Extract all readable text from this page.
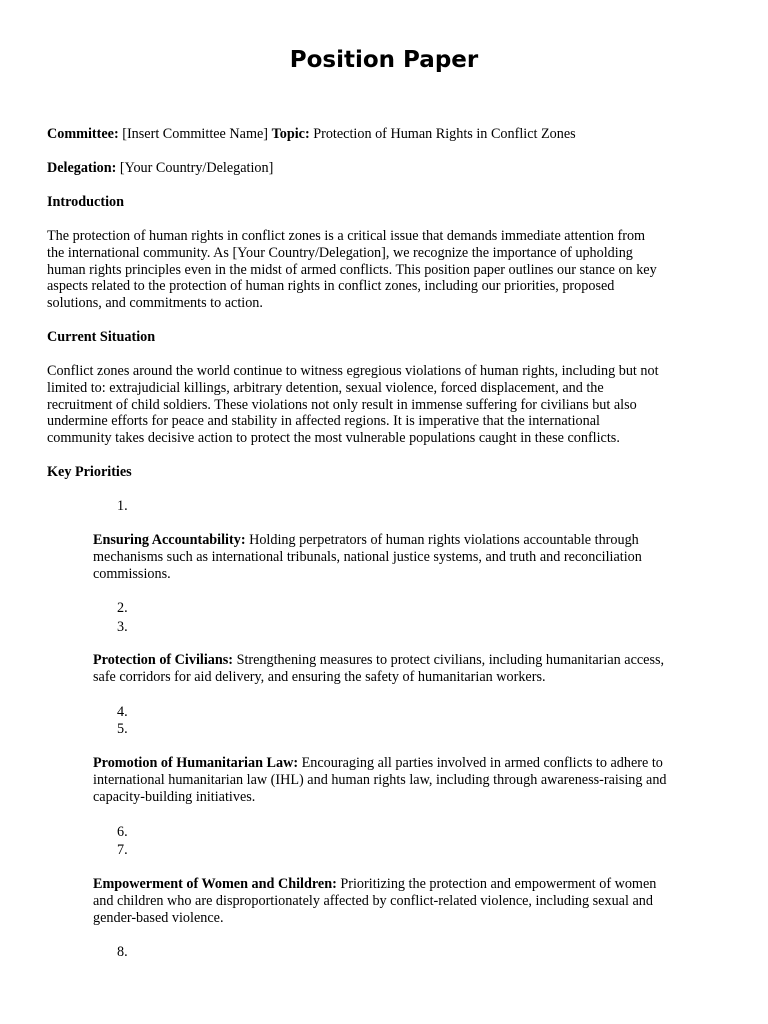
Position Paper

Committee: [Insert Committee Name] Topic: Protection of Human Rights in Conflict Zones

Delegation: [Your Country/Delegation]

Introduction

The protection of human rights in conflict zones is a critical issue that demands immediate attention from
the international community. As [Your Country/Delegation], we recognize the importance of upholding
human rights principles even in the midst of armed conflicts. This position paper outlines our stance on key
aspects related to the protection of human rights in conflict zones, including our priorities, proposed
solutions, and commitments to action.

Current Situation

Conflict zones around the world continue to witness egregious violations of human rights, including but not
limited to: extrajudicial killings, arbitrary detention, sexual violence, forced displacement, and the
recruitment of child soldiers. These violations not only result in immense suffering for civilians but also
undermine efforts for peace and stability in affected regions. It is imperative that the international
community takes decisive action to protect the most vulnerable populations caught in these conflicts.

Key Priorities

1.
Ensuring Accountability: Holding perpetrators of human rights violations accountable through
mechanisms such as international tribunals, national justice systems, and truth and reconciliation
commissions.
2.
3.
Protection of Civilians: Strengthening measures to protect civilians, including humanitarian access,
safe corridors for aid delivery, and ensuring the safety of humanitarian workers.
4.
5.
Promotion of Humanitarian Law: Encouraging all parties involved in armed conflicts to adhere to
international humanitarian law (IHL) and human rights law, including through awareness-raising and
capacity-building initiatives.
6.
7.
Empowerment of Women and Children: Prioritizing the protection and empowerment of women
and children who are disproportionately affected by conflict-related violence, including sexual and
gender-based violence.
8.
